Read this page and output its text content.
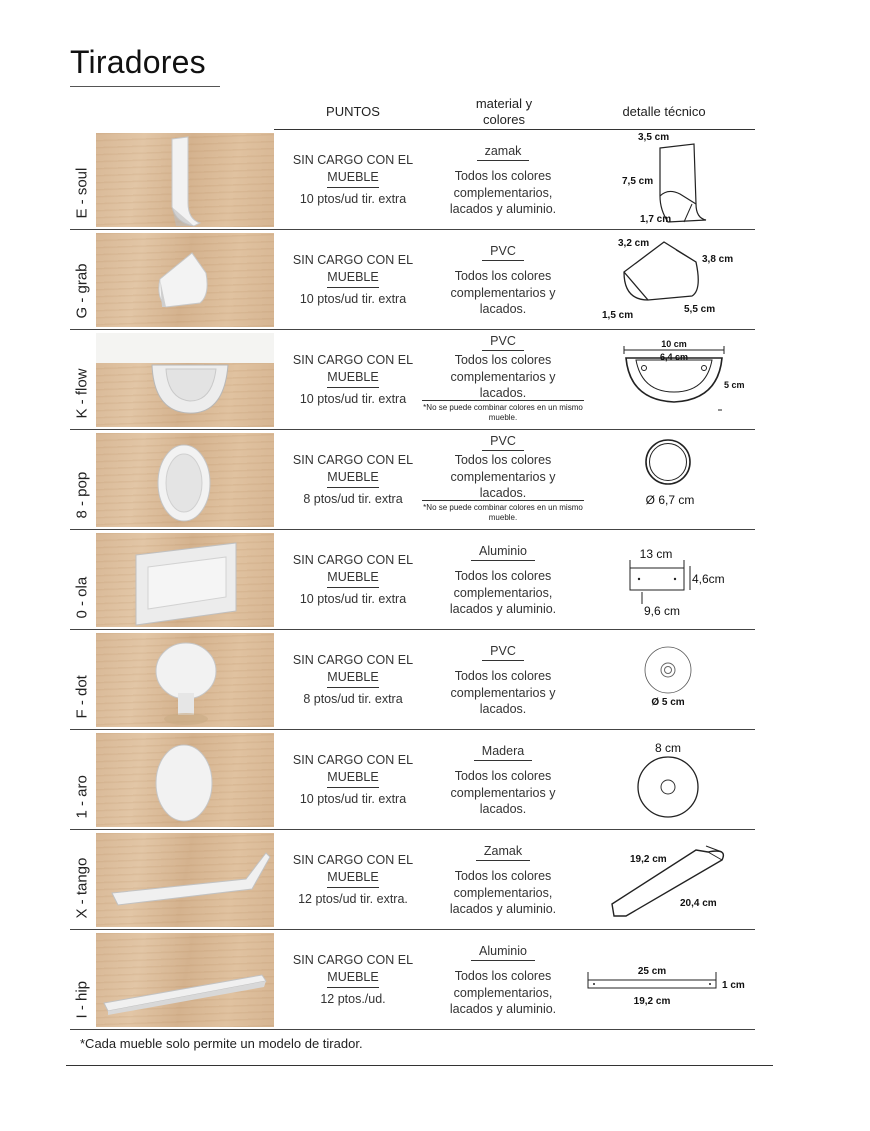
Tiradores
PUNTOS
material y colores
detalle técnico
E - soul
SIN CARGO CON EL
MUEBLE
10 ptos/ud tir. extra
zamak
Todos los colores complementarios, lacados y aluminio.
3,5 cm
7,5 cm
1,7 cm
G - grab
SIN CARGO CON EL
MUEBLE
10 ptos/ud tir. extra
PVC
Todos los colores complementarios y lacados.
3,2 cm
3,8 cm
1,5 cm
5,5 cm
K - flow
SIN CARGO CON EL
MUEBLE
10 ptos/ud tir. extra
PVC
Todos los colores complementarios y lacados.
*No se puede combinar colores en un mismo mueble.
10 cm
6,4 cm
5 cm
8 - pop
SIN CARGO CON EL
MUEBLE
8 ptos/ud tir. extra
PVC
Todos los colores complementarios y lacados.
*No se puede combinar colores en un mismo mueble.
Ø 6,7 cm
0 - ola
SIN CARGO CON EL
MUEBLE
10 ptos/ud tir. extra
Aluminio
Todos los colores complementarios, lacados y aluminio.
13 cm
4,6cm
9,6 cm
F - dot
SIN CARGO CON EL
MUEBLE
8 ptos/ud tir. extra
PVC
Todos los colores complementarios y lacados.	Ø 5 cm
1 - aro
SIN CARGO CON EL
MUEBLE
10 ptos/ud tir. extra
Madera
Todos los colores complementarios y lacados.
8 cm
X - tango	SIN CARGO CON EL
MUEBLE
12 ptos/ud tir. extra.
Zamak
Todos los colores complementarios, lacados y aluminio.
19,2 cm
20,4 cm
I - hip
SIN CARGO CON EL
MUEBLE
12 ptos./ud.
Aluminio
Todos los colores complementarios, lacados y aluminio.
25 cm
1 cm
19,2 cm
*Cada mueble solo permite un modelo de tirador.
